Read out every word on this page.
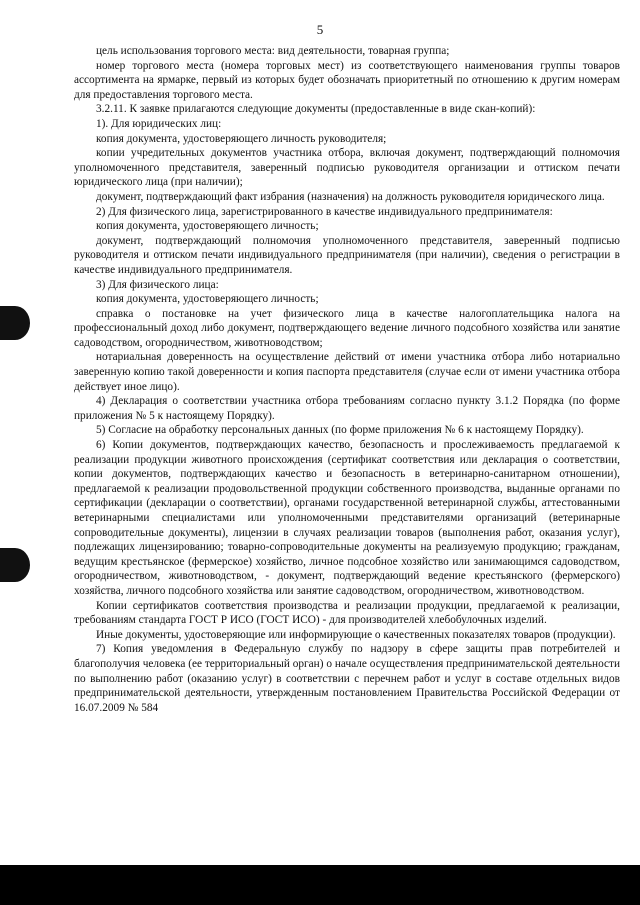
5

цель использования торгового места: вид деятельности, товарная группа;

номер торгового места (номера торговых мест) из соответствующего наименования группы товаров ассортимента на ярмарке, первый из которых будет обозначать приоритетный по отношению к другим номерам для предоставления торгового места.

3.2.11. К заявке прилагаются следующие документы (предоставленные в виде скан-копий):

1). Для юридических лиц:

копия документа, удостоверяющего личность руководителя;

копии учредительных документов участника отбора, включая документ, подтверждающий полномочия уполномоченного представителя, заверенный подписью руководителя организации и оттиском печати юридического лица (при наличии);

документ, подтверждающий факт избрания (назначения) на должность руководителя юридического лица.

2) Для физического лица, зарегистрированного в качестве индивидуального предпринимателя:

копия документа, удостоверяющего личность;

документ, подтверждающий полномочия уполномоченного представителя, заверенный подписью руководителя и оттиском печати индивидуального предпринимателя (при наличии), сведения о регистрации в качестве индивидуального предпринимателя.

3) Для физического лица:

копия документа, удостоверяющего личность;

справка о постановке на учет физического лица в качестве налогоплательщика налога на профессиональный доход либо документ, подтверждающего ведение личного подсобного хозяйства или занятие садоводством, огородничеством, животноводством;

нотариальная доверенность на осуществление действий от имени участника отбора либо нотариально заверенную копию такой доверенности и копия паспорта представителя (случае если от имени участника отбора действует иное лицо).

4) Декларация о соответствии участника отбора требованиям согласно пункту 3.1.2 Порядка (по форме приложения № 5 к настоящему Порядку).

5) Согласие на обработку персональных данных (по форме приложения № 6 к настоящему Порядку).

6) Копии документов, подтверждающих качество, безопасность и прослеживаемость предлагаемой к реализации продукции животного происхождения (сертификат соответствия или декларация о соответствии, копии документов, подтверждающих качество и безопасность в ветеринарно-санитарном отношении), предлагаемой к реализации продовольственной продукции собственного производства, выданные органами по сертификации (декларации о соответствии), органами государственной ветеринарной службы, аттестованными ветеринарными специалистами или уполномоченными представителями организаций (ветеринарные сопроводительные документы), лицензии в случаях реализации товаров (выполнения работ, оказания услуг), подлежащих лицензированию; товарно-сопроводительные документы на реализуемую продукцию; гражданам, ведущим крестьянское (фермерское) хозяйство, личное подсобное хозяйство или занимающимся садоводством, огородничеством, животноводством, - документ, подтверждающий ведение крестьянского (фермерского) хозяйства, личного подсобного хозяйства или занятие садоводством, огородничеством, животноводством.

Копии сертификатов соответствия производства и реализации продукции, предлагаемой к реализации, требованиям стандарта ГОСТ Р ИСО (ГОСТ ИСО) - для производителей хлебобулочных изделий.

Иные документы, удостоверяющие или информирующие о качественных показателях товаров (продукции).

7) Копия уведомления в Федеральную службу по надзору в сфере защиты прав потребителей и благополучия человека (ее территориальный орган) о начале осуществления предпринимательской деятельности по выполнению работ (оказанию услуг) в соответствии с перечнем работ и услуг в составе отдельных видов предпринимательской деятельности, утвержденным постановлением Правительства Российской Федерации от 16.07.2009 № 584
